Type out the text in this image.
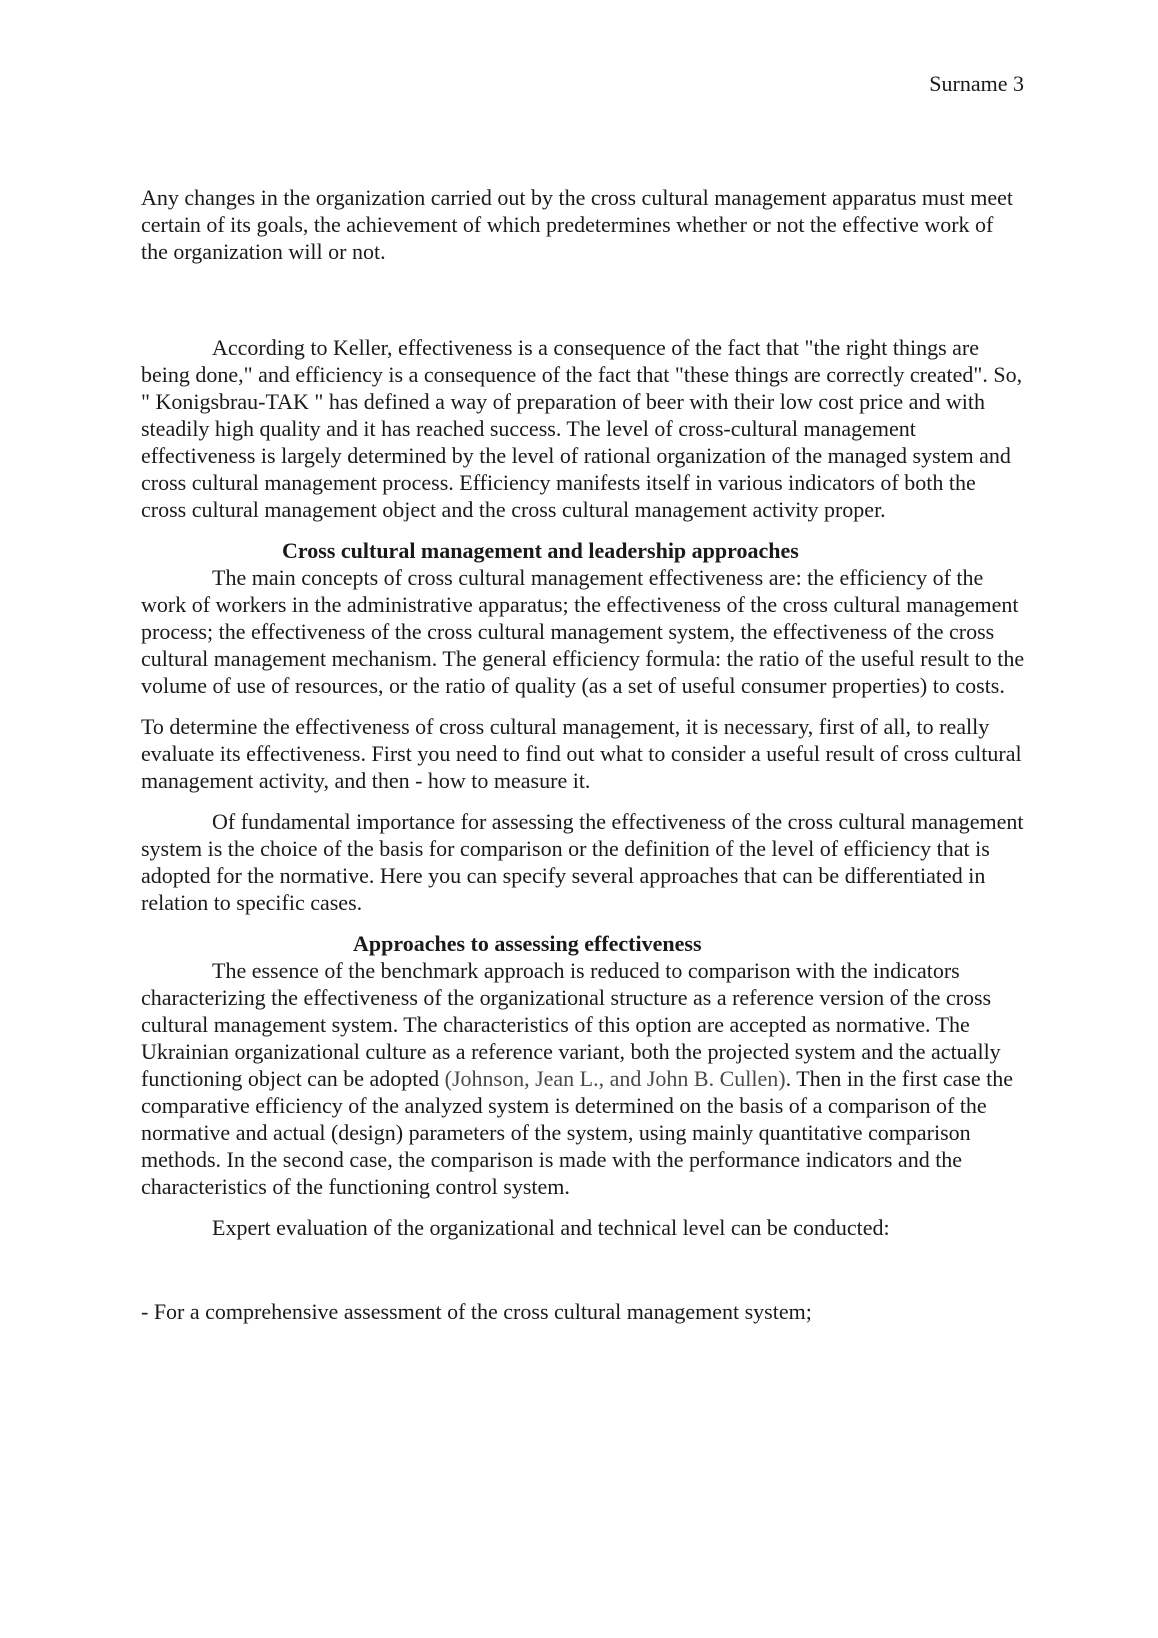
Surname 3

Any changes in the organization carried out by the cross cultural management apparatus must meet certain of its goals, the achievement of which predetermines whether or not the effective work of the organization will or not.

According to Keller, effectiveness is a consequence of the fact that "the right things are being done," and efficiency is a consequence of the fact that "these things are correctly created". So, " Konigsbrau-TAK " has defined a way of preparation of beer with their low cost price and with steadily high quality and it has reached success. The level of cross-cultural management effectiveness is largely determined by the level of rational organization of the managed system and cross cultural management process. Efficiency manifests itself in various indicators of both the cross cultural management object and the cross cultural management activity proper.

Cross cultural management and leadership approaches

The main concepts of cross cultural management effectiveness are: the efficiency of the work of workers in the administrative apparatus; the effectiveness of the cross cultural management process; the effectiveness of the cross cultural management system, the effectiveness of the cross cultural management mechanism. The general efficiency formula: the ratio of the useful result to the volume of use of resources, or the ratio of quality (as a set of useful consumer properties) to costs.

To determine the effectiveness of cross cultural management, it is necessary, first of all, to really evaluate its effectiveness. First you need to find out what to consider a useful result of cross cultural management activity, and then - how to measure it.

Of fundamental importance for assessing the effectiveness of the cross cultural management system is the choice of the basis for comparison or the definition of the level of efficiency that is adopted for the normative. Here you can specify several approaches that can be differentiated in relation to specific cases.

Approaches to assessing effectiveness

The essence of the benchmark approach is reduced to comparison with the indicators characterizing the effectiveness of the organizational structure as a reference version of the cross cultural management system. The characteristics of this option are accepted as normative. The Ukrainian organizational culture as a reference variant, both the projected system and the actually functioning object can be adopted (Johnson, Jean L., and John B. Cullen). Then in the first case the comparative efficiency of the analyzed system is determined on the basis of a comparison of the normative and actual (design) parameters of the system, using mainly quantitative comparison methods. In the second case, the comparison is made with the performance indicators and the characteristics of the functioning control system.

Expert evaluation of the organizational and technical level can be conducted:

- For a comprehensive assessment of the cross cultural management system;
